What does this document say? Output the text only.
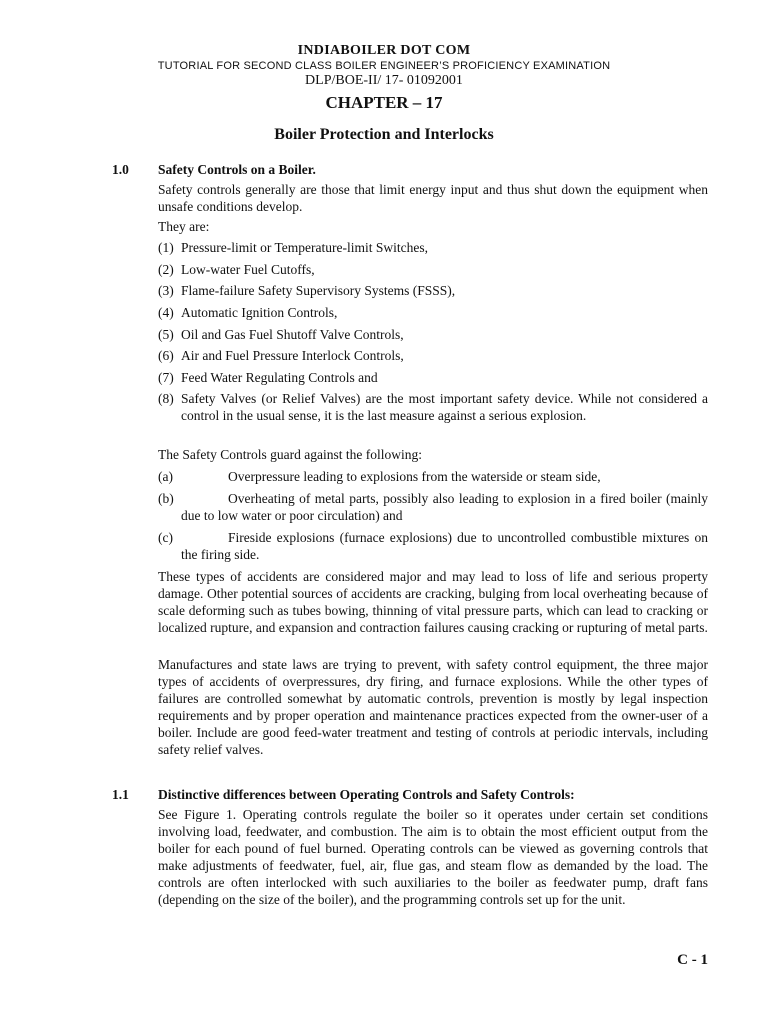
INDIABOILER DOT COM
TUTORIAL FOR SECOND CLASS BOILER ENGINEER’S PROFICIENCY EXAMINATION
DLP/BOE-II/ 17- 01092001
CHAPTER – 17
Boiler Protection and Interlocks
1.0 Safety Controls on a Boiler.
Safety controls generally are those that limit energy input and thus shut down the equipment when unsafe conditions develop.
They are:
(1) Pressure-limit or Temperature-limit Switches,
(2) Low-water Fuel Cutoffs,
(3) Flame-failure Safety Supervisory Systems (FSSS),
(4) Automatic Ignition Controls,
(5) Oil and Gas Fuel Shutoff Valve Controls,
(6) Air and Fuel Pressure Interlock Controls,
(7) Feed Water Regulating Controls and
(8) Safety Valves (or Relief Valves) are the most important safety device. While not considered a control in the usual sense, it is the last measure against a serious explosion.
The Safety Controls guard against the following:
(a)	Overpressure leading to explosions from the waterside or steam side,
(b)	Overheating of metal parts, possibly also leading to explosion in a fired boiler (mainly due to low water or poor circulation) and
(c)	Fireside explosions (furnace explosions) due to uncontrolled combustible mixtures on the firing side.
These types of accidents are considered major and may lead to loss of life and serious property damage. Other potential sources of accidents are cracking, bulging from local overheating because of scale deforming such as tubes bowing, thinning of vital pressure parts, which can lead to cracking or localized rupture, and expansion and contraction failures causing cracking or rupturing of metal parts.
Manufactures and state laws are trying to prevent, with safety control equipment, the three major types of accidents of overpressures, dry firing, and furnace explosions. While the other types of failures are controlled somewhat by automatic controls, prevention is mostly by legal inspection requirements and by proper operation and maintenance practices expected from the owner-user of a boiler. Include are good feed-water treatment and testing of controls at periodic intervals, including safety relief valves.
1.1 Distinctive differences between Operating Controls and Safety Controls:
See Figure 1. Operating controls regulate the boiler so it operates under certain set conditions involving load, feedwater, and combustion. The aim is to obtain the most efficient output from the boiler for each pound of fuel burned. Operating controls can be viewed as governing controls that make adjustments of feedwater, fuel, air, flue gas, and steam flow as demanded by the load. The controls are often interlocked with such auxiliaries to the boiler as feedwater pump, draft fans (depending on the size of the boiler), and the programming controls set up for the unit.
C - 1
